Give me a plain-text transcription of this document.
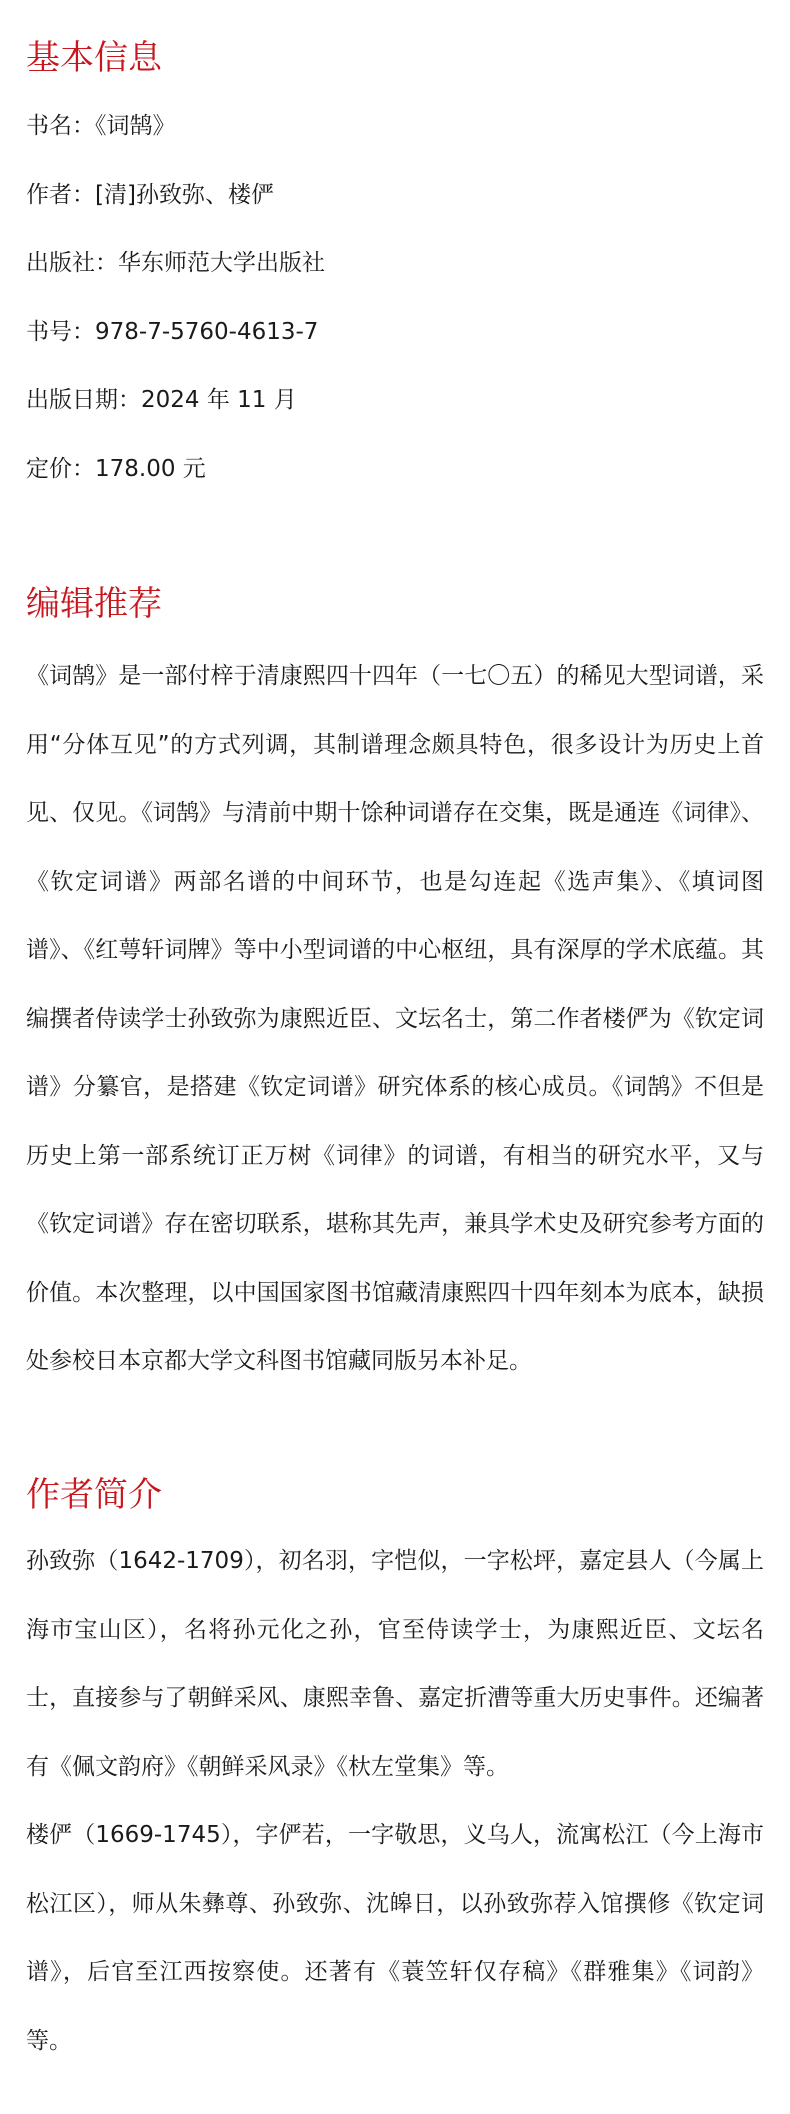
基本信息

书名：《词鹄》

作者：[清]孙致弥、楼俨

出版社：华东师范大学出版社

书号：978-7-5760-4613-7

出版日期：2024 年 11 月

定价：178.00 元

编辑推荐

《词鹄》是一部付梓于清康熙四十四年（一七〇五）的稀见大型词谱，采用“分体互见”的方式列调，其制谱理念颇具特色，很多设计为历史上首见、仅见。《词鹄》与清前中期十馀种词谱存在交集，既是通连《词律》、《钦定词谱》两部名谱的中间环节，也是勾连起《选声集》、《填词图谱》、《红萼轩词牌》等中小型词谱的中心枢纽，具有深厚的学术底蕴。其编撰者侍读学士孙致弥为康熙近臣、文坛名士，第二作者楼俨为《钦定词谱》分纂官，是搭建《钦定词谱》研究体系的核心成员。《词鹄》不但是历史上第一部系统订正万树《词律》的词谱，有相当的研究水平，又与《钦定词谱》存在密切联系，堪称其先声，兼具学术史及研究参考方面的价值。本次整理，以中国国家图书馆藏清康熙四十四年刻本为底本，缺损处参校日本京都大学文科图书馆藏同版另本补足。

作者简介

孙致弥（1642-1709），初名羽，字恺似，一字松坪，嘉定县人（今属上海市宝山区），名将孙元化之孙，官至侍读学士，为康熙近臣、文坛名士，直接参与了朝鲜采风、康熙幸鲁、嘉定折漕等重大历史事件。还编著有《佩文韵府》《朝鲜采风录》《杕左堂集》等。

楼俨（1669-1745），字俨若，一字敬思，义乌人，流寓松江（今上海市松江区），师从朱彝尊、孙致弥、沈皞日，以孙致弥荐入馆撰修《钦定词谱》，后官至江西按察使。还著有《蓑笠轩仅存稿》《群雅集》《词韵》等。
